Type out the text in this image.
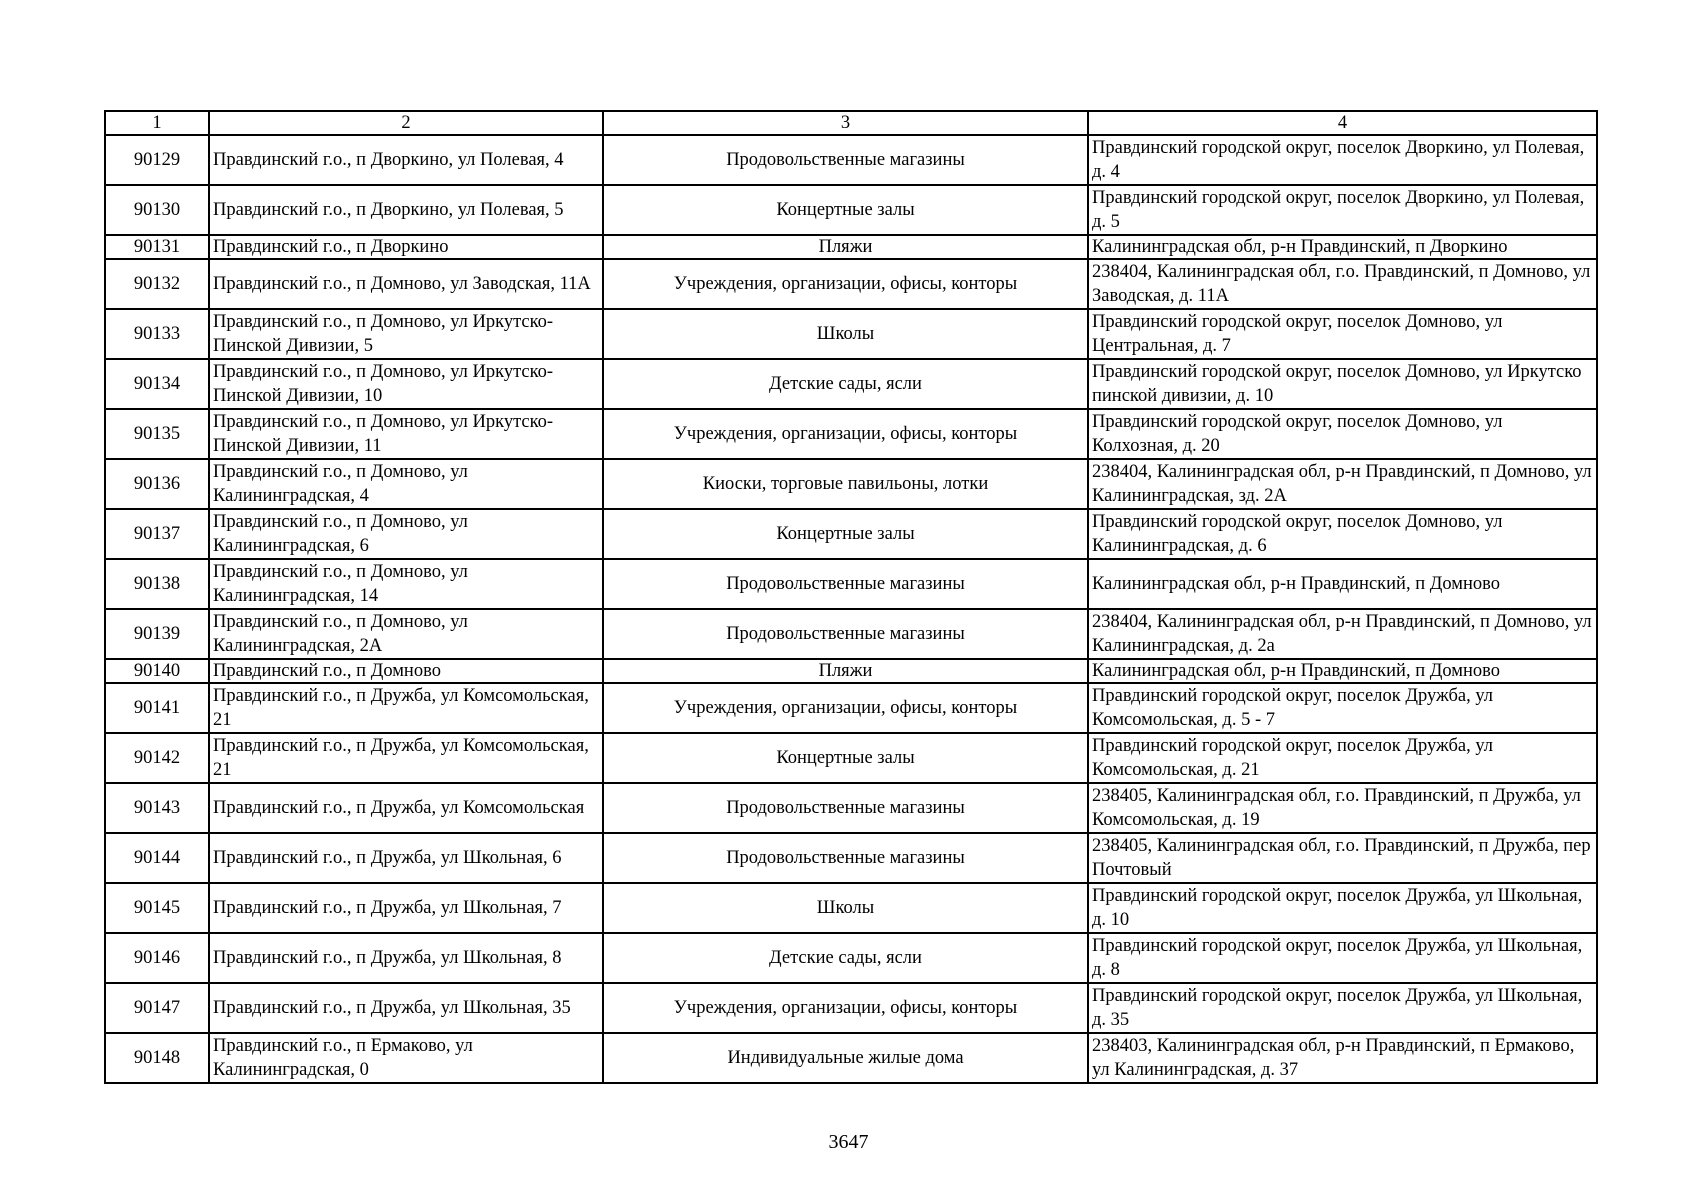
1	2	3	4
90129	Правдинский г.о., п Дворкино, ул Полевая, 4	Продовольственные магазины	Правдинский городской округ, поселок Дворкино, ул Полевая, д. 4
90130	Правдинский г.о., п Дворкино, ул Полевая, 5	Концертные залы	Правдинский городской округ, поселок Дворкино, ул Полевая, д. 5
90131	Правдинский г.о., п Дворкино	Пляжи	Калининградская обл, р-н Правдинский, п Дворкино
90132	Правдинский г.о., п Домново, ул Заводская, 11А	Учреждения, организации, офисы, конторы	238404, Калининградская обл, г.о. Правдинский, п Домново, ул Заводская, д. 11А
90133	Правдинский г.о., п Домново, ул Иркутско-Пинской Дивизии, 5	Школы	Правдинский городской округ, поселок Домново, ул Центральная, д. 7
90134	Правдинский г.о., п Домново, ул Иркутско-Пинской Дивизии, 10	Детские сады, ясли	Правдинский городской округ, поселок Домново, ул Иркутско пинской дивизии, д. 10
90135	Правдинский г.о., п Домново, ул Иркутско-Пинской Дивизии, 11	Учреждения, организации, офисы, конторы	Правдинский городской округ, поселок Домново, ул Колхозная, д. 20
90136	Правдинский г.о., п Домново, ул Калининградская, 4	Киоски, торговые павильоны, лотки	238404, Калининградская обл, р-н Правдинский, п Домново, ул Калининградская, зд. 2А
90137	Правдинский г.о., п Домново, ул Калининградская, 6	Концертные залы	Правдинский городской округ, поселок Домново, ул Калининградская, д. 6
90138	Правдинский г.о., п Домново, ул Калининградская, 14	Продовольственные магазины	Калининградская обл, р-н Правдинский, п Домново
90139	Правдинский г.о., п Домново, ул Калининградская, 2А	Продовольственные магазины	238404, Калининградская обл, р-н Правдинский, п Домново, ул Калининградская, д. 2а
90140	Правдинский г.о., п Домново	Пляжи	Калининградская обл, р-н Правдинский, п Домново
90141	Правдинский г.о., п Дружба, ул Комсомольская, 21	Учреждения, организации, офисы, конторы	Правдинский городской округ, поселок Дружба, ул Комсомольская, д. 5 - 7
90142	Правдинский г.о., п Дружба, ул Комсомольская, 21	Концертные залы	Правдинский городской округ, поселок Дружба, ул Комсомольская, д. 21
90143	Правдинский г.о., п Дружба, ул Комсомольская	Продовольственные магазины	238405, Калининградская обл, г.о. Правдинский, п Дружба, ул Комсомольская, д. 19
90144	Правдинский г.о., п Дружба, ул Школьная, 6	Продовольственные магазины	238405, Калининградская обл, г.о. Правдинский, п Дружба, пер Почтовый
90145	Правдинский г.о., п Дружба, ул Школьная, 7	Школы	Правдинский городской округ, поселок Дружба, ул Школьная, д. 10
90146	Правдинский г.о., п Дружба, ул Школьная, 8	Детские сады, ясли	Правдинский городской округ, поселок Дружба, ул Школьная, д. 8
90147	Правдинский г.о., п Дружба, ул Школьная, 35	Учреждения, организации, офисы, конторы	Правдинский городской округ, поселок Дружба, ул Школьная, д. 35
90148	Правдинский г.о., п Ермаково, ул Калининградская, 0	Индивидуальные жилые дома	238403, Калининградская обл, р-н Правдинский, п Ермаково, ул Калининградская, д. 37
3647
